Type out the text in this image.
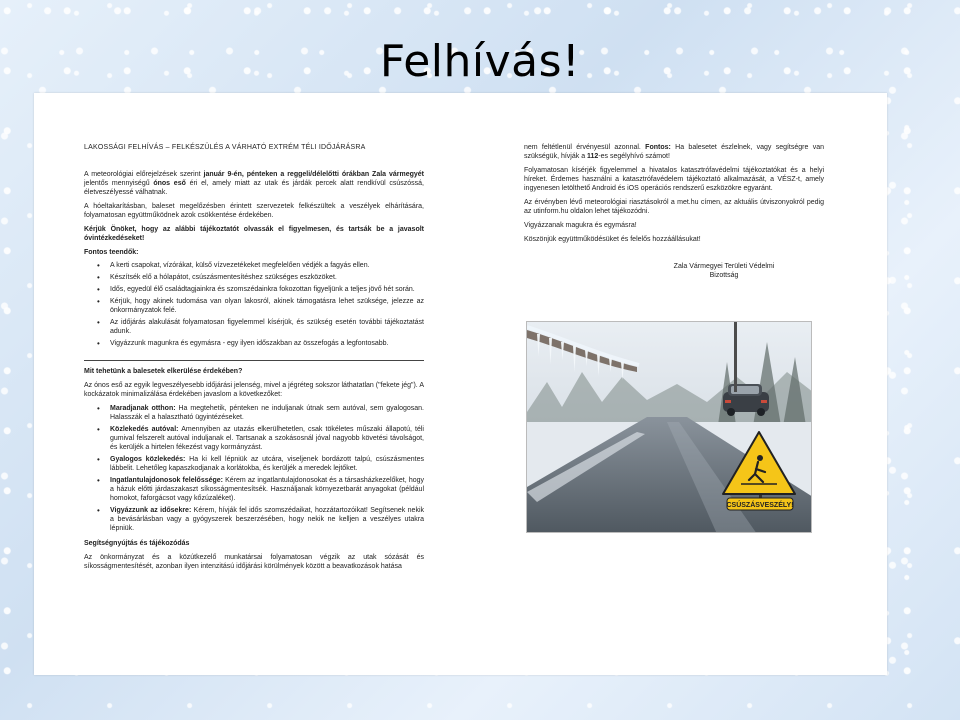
Felhívás!
LAKOSSÁGI FELHÍVÁS – FELKÉSZÜLÉS A VÁRHATÓ EXTRÉM TÉLI IDŐJÁRÁSRA

A meteorológiai előrejelzések szerint január 9-én, pénteken a reggeli/délelőtti órákban Zala vármegyét jelentős mennyiségű ónos eső éri el, amely miatt az utak és járdák percek alatt rendkívül csúszóssá, életveszélyessé válhatnak.

A hóeltakarításban, baleset megelőzésben érintett szervezetek felkészültek a veszélyek elhárítására, folyamatosan együttműködnek azok csökkentése érdekében.

Kérjük Önöket, hogy az alábbi tájékoztatót olvassák el figyelmesen, és tartsák be a javasolt óvintézkedéseket!

Fontos teendők:

• A kerti csapokat, vízórákat, külső vízvezetékeket megfelelően védjék a fagyás ellen.
• Készítsék elő a hólapátot, csúszásmentesítéshez szükséges eszközöket.
• Idős, egyedül élő családtagjainkra és szomszédainkra fokozottan figyeljünk a teljes jövő hét során.
• Kérjük, hogy akinek tudomása van olyan lakosról, akinek támogatásra lehet szüksége, jelezze az önkormányzatok felé.
• Az időjárás alakulását folyamatosan figyelemmel kísérjük, és szükség esetén további tájékoztatást adunk.
• Vigyázzunk magunkra és egymásra - egy ilyen időszakban az összefogás a legfontosabb.

Mit tehetünk a balesetek elkerülése érdekében?

Az ónos eső az egyik legveszélyesebb időjárási jelenség, mivel a jégréteg sokszor láthatatlan ("fekete jég"). A kockázatok minimalizálása érdekében javaslom a következőket:

• Maradjanak otthon: Ha megtehetik, pénteken ne induljanak útnak sem autóval, sem gyalogosan. Halasszák el a halasztható ügyintézéseket.
• Közlekedés autóval: Amennyiben az utazás elkerülhetetlen, csak tökéletes műszaki állapotú, téli gumival felszerelt autóval induljanak el. Tartsanak a szokásosnál jóval nagyobb követési távolságot, és kerüljék a hirtelen fékezést vagy kormányzást.
• Gyalogos közlekedés: Ha ki kell lépniük az utcára, viseljenek bordázott talpú, csúszásmentes lábbelit. Lehetőleg kapaszkodjanak a korlátokba, és kerüljék a meredek lejtőket.
• Ingatlantulajdonosok felelőssége: Kérem az ingatlantulajdonosokat és a társasházkezelőket, hogy a házuk előtti járdaszakaszt síkosságmentesítsék. Használjanak környezetbarát anyagokat (például homokot, faforgácsot vagy kőzúzaléket).
• Vigyázzunk az idősekre: Kérem, hívják fel idős szomszédaikat, hozzátartozóikat! Segítsenek nekik a bevásárlásban vagy a gyógyszerek beszerzésében, hogy nekik ne kelljen a veszélyes utakra lépniük.

Segítségnyújtás és tájékozódás

Az önkormányzat és a közútkezelő munkatársai folyamatosan végzik az utak sózását és síkosságmentesítését, azonban ilyen intenzitású időjárási körülmények között a beavatkozások hatása

nem feltétlenül érvényesül azonnal. Fontos: Ha balesetet észlelnek, vagy segítségre van szükségük, hívják a 112-es segélyhívó számot!

Folyamatosan kísérjék figyelemmel a hivatalos katasztrófavédelmi tájékoztatókat és a helyi híreket. Érdemes használni a katasztrófavédelem tájékoztató alkalmazását, a VÉSZ-t, amely ingyenesen letölthető Android és iOS operációs rendszerű eszközökre egyaránt.

Az érvényben lévő meteorológiai riasztásokról a met.hu címen, az aktuális útviszonyokról pedig az utinform.hu oldalon lehet tájékozódni.

Vigyázzanak magukra és egymásra!

Köszönjük együttműködésüket és felelős hozzáállásukat!

Zala Vármegyei Területi Védelmi
Bizottság
CSÚSZÁSVESZÉLY!
